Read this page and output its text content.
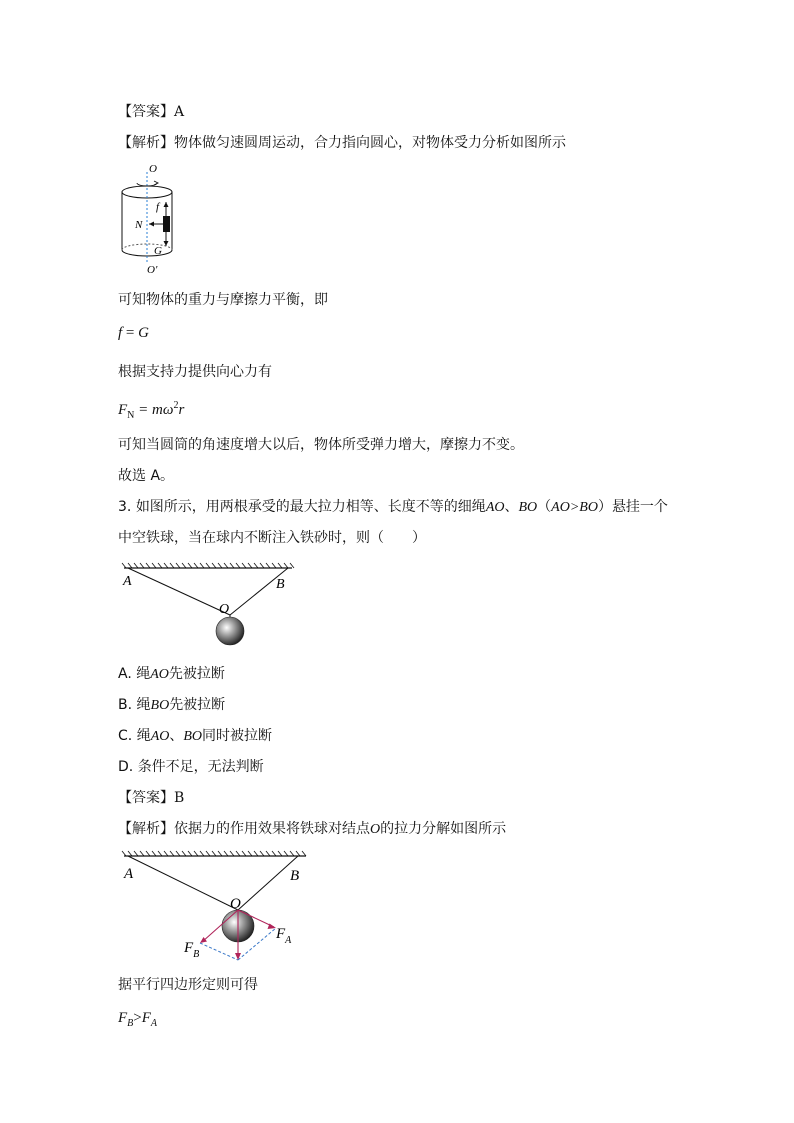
【答案】A
【解析】物体做匀速圆周运动，合力指向圆心，对物体受力分析如图所示
O
O'
f
N
G
可知物体的重力与摩擦力平衡，即
f = G
根据支持力提供向心力有
$F_N = m\omega^2r$
可知当圆筒的角速度增大以后，物体所受弹力增大，摩擦力不变。
故选 A。
3. 如图所示，用两根承受的最大拉力相等、长度不等的细绳AO、BO（AO>BO）悬挂一个
中空铁球，当在球内不断注入铁砂时，则（　　）
A	B
O
A. 绳AO先被拉断
B. 绳BO先被拉断
C. 绳AO、BO同时被拉断
D. 条件不足，无法判断
【答案】B
【解析】依据力的作用效果将铁球对结点O的拉力分解如图所示
A	B
O
$F_B$
$F_A$
据平行四边形定则可得
$F_B>F_A$
